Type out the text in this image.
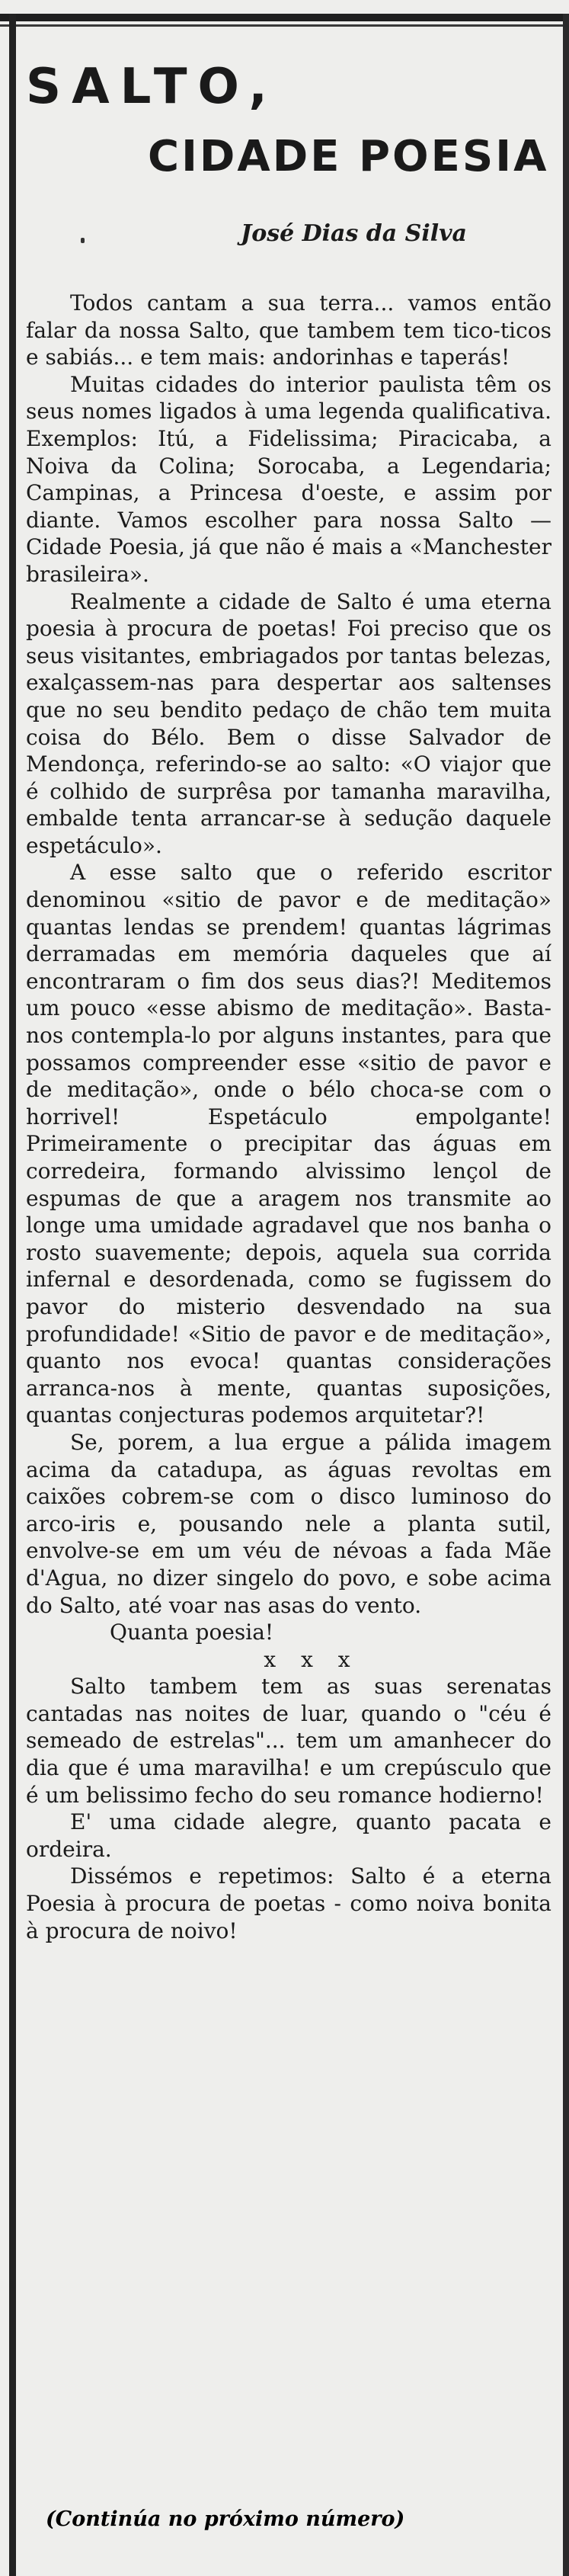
SALTO,
CIDADE POESIA
José Dias da Silva

Todos cantam a sua terra... vamos então falar da nossa Salto, que tambem tem tico-ticos e sabiás... e tem mais: andorinhas e taperás!

Muitas cidades do interior paulista têm os seus nomes ligados à uma legenda qualificativa. Exemplos: Itú, a Fidelissima; Piracicaba, a Noiva da Colina; Sorocaba, a Legendaria; Campinas, a Princesa d'oeste, e assim por diante. Vamos escolher para nossa Salto — Cidade Poesia, já que não é mais a «Manchester brasileira».

Realmente a cidade de Salto é uma eterna poesia à procura de poetas! Foi preciso que os seus visitantes, embriagados por tantas belezas, exalçassem-nas para despertar aos saltenses que no seu bendito pedaço de chão tem muita coisa do Bélo. Bem o disse Salvador de Mendonça, referindo-se ao salto: «O viajor que é colhido de surprêsa por tamanha maravilha, embalde tenta arrancar-se à sedução daquele espetáculo».

A esse salto que o referido escritor denominou «sitio de pavor e de meditação» quantas lendas se prendem! quantas lágrimas derramadas em memória daqueles que aí encontraram o fim dos seus dias?! Meditemos um pouco «esse abismo de meditação». Basta-nos contempla-lo por alguns instantes, para que possamos compreender esse «sitio de pavor e de meditação», onde o bélo choca-se com o horrivel! Espetáculo empolgante! Primeiramente o precipitar das águas em corredeira, formando alvissimo lençol de espumas de que a aragem nos transmite ao longe uma umidade agradavel que nos banha o rosto suavemente; depois, aquela sua corrida infernal e desordenada, como se fugissem do pavor do misterio desvendado na sua profundidade! «Sitio de pavor e de meditação», quanto nos evoca! quantas considerações arranca-nos à mente, quantas suposições, quantas conjecturas podemos arquitetar?!

Se, porem, a lua ergue a pálida imagem acima da catadupa, as águas revoltas em caixões cobrem-se com o disco luminoso do arco-iris e, pousando nele a planta sutil, envolve-se em um véu de névoas a fada Mãe d'Agua, no dizer singelo do povo, e sobe acima do Salto, até voar nas asas do vento.

Quanta poesia!
x x x

Salto tambem tem as suas serenatas cantadas nas noites de luar, quando o "céu é semeado de estrelas"... tem um amanhecer do dia que é uma maravilha! e um crepúsculo que é um belissimo fecho do seu romance hodierno!

E' uma cidade alegre, quanto pacata e ordeira.

Dissémos e repetimos: Salto é a eterna Poesia à procura de poetas - como noiva bonita à procura de noivo!

(Continúa no próximo número)
